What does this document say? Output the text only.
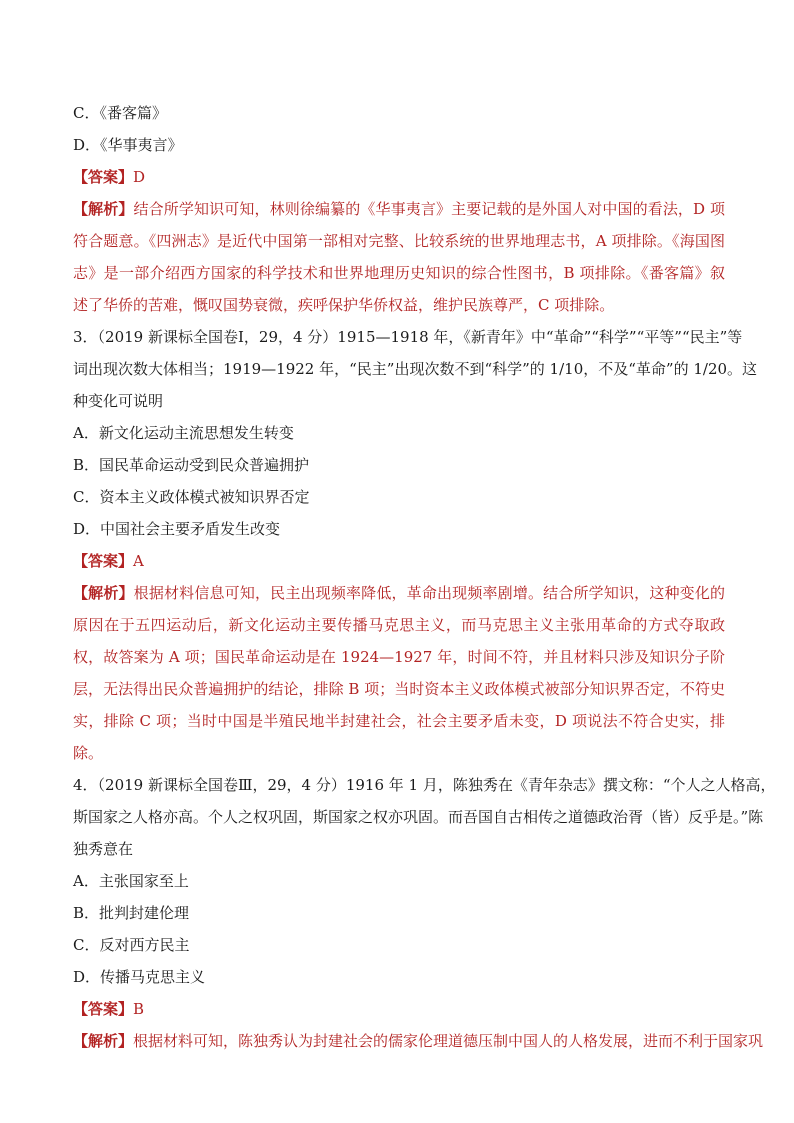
C．《番客篇》
D．《华事夷言》
【答案】D
【解析】结合所学知识可知，林则徐编纂的《华事夷言》主要记载的是外国人对中国的看法，D 项符合题意。《四洲志》是近代中国第一部相对完整、比较系统的世界地理志书，A 项排除。《海国图志》是一部介绍西方国家的科学技术和世界地理历史知识的综合性图书，B 项排除。《番客篇》叙述了华侨的苦难，慨叹国势衰微，疾呼保护华侨权益，维护民族尊严，C 项排除。
3．（2019 新课标全国卷Ⅰ，29，4 分）1915—1918 年，《新青年》中“革命”“科学”“平等”“民主”等
词出现次数大体相当；1919—1922 年，“民主”出现次数不到“科学”的 1/10，不及“革命”的 1/20。这
种变化可说明
A．新文化运动主流思想发生转变
B．国民革命运动受到民众普遍拥护
C．资本主义政体模式被知识界否定
D．中国社会主要矛盾发生改变
【答案】A
【解析】根据材料信息可知，民主出现频率降低，革命出现频率剧增。结合所学知识，这种变化的原因在于五四运动后，新文化运动主要传播马克思主义，而马克思主义主张用革命的方式夺取政权，故答案为 A 项；国民革命运动是在 1924—1927 年，时间不符，并且材料只涉及知识分子阶层，无法得出民众普遍拥护的结论，排除 B 项；当时资本主义政体模式被部分知识界否定，不符史实，排除 C 项；当时中国是半殖民地半封建社会，社会主要矛盾未变，D 项说法不符合史实，排除。
4．（2019 新课标全国卷Ⅲ，29，4 分）1916 年 1 月，陈独秀在《青年杂志》撰文称：“个人之人格高，
斯国家之人格亦高。个人之权巩固，斯国家之权亦巩固。而吾国自古相传之道德政治胥（皆）反乎是。”陈
独秀意在
A．主张国家至上
B．批判封建伦理
C．反对西方民主
D．传播马克思主义
【答案】B
【解析】根据材料可知，陈独秀认为封建社会的儒家伦理道德压制中国人的人格发展，进而不利于国家巩
